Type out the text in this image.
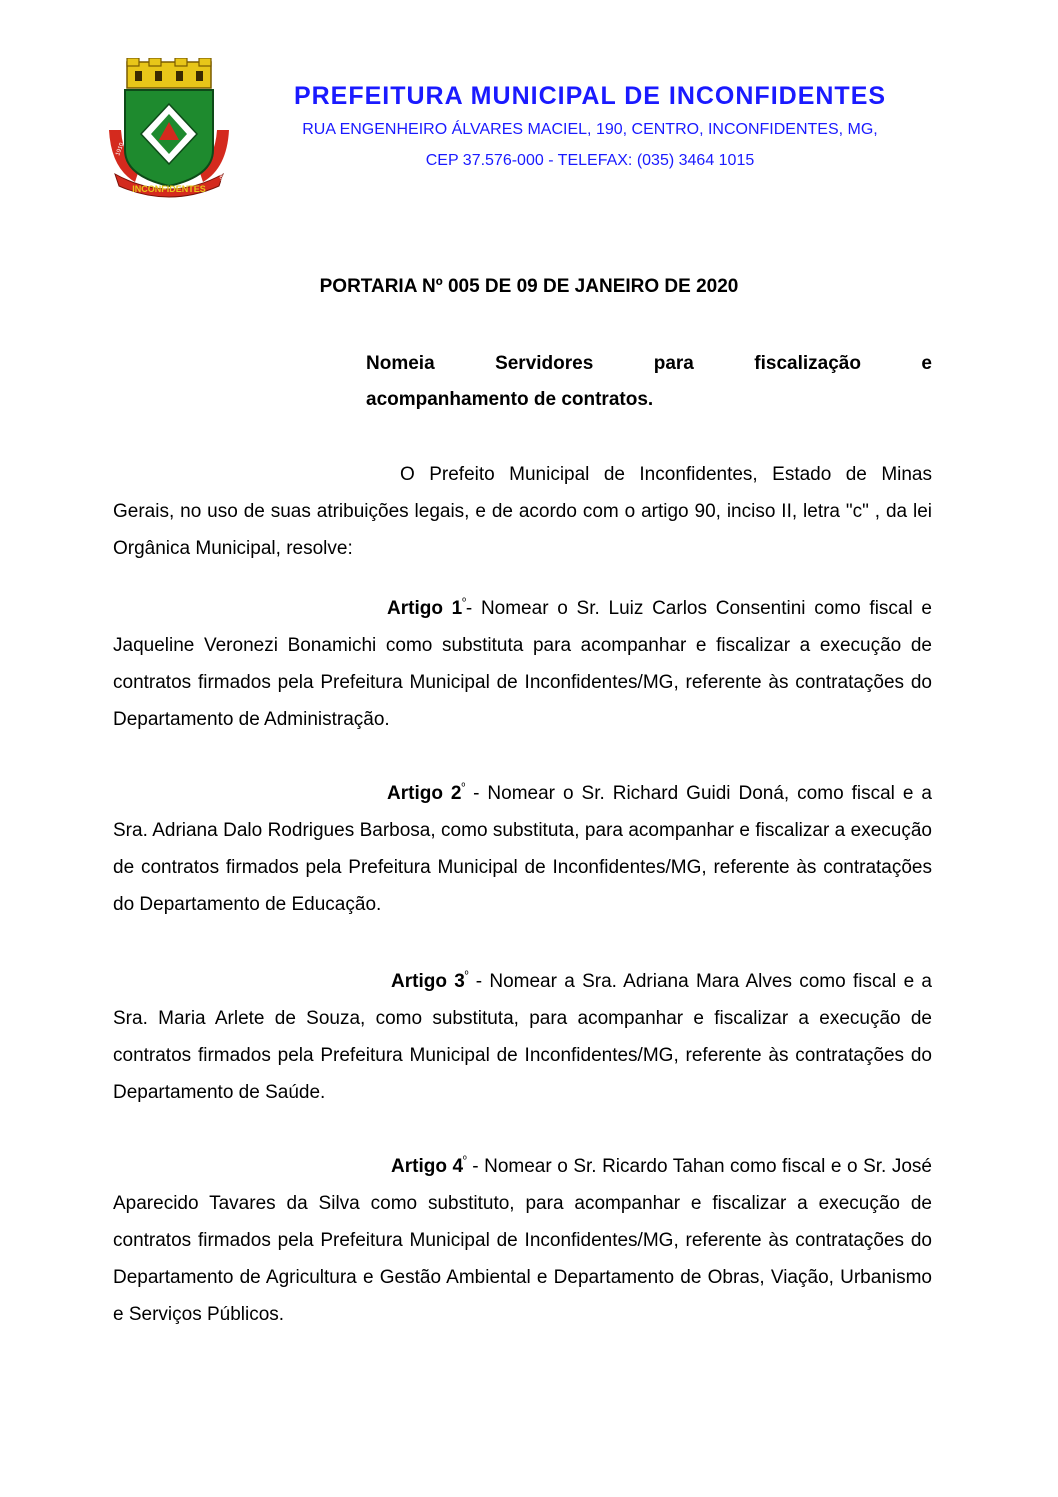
INCONFIDENTES
1910
1963

PREFEITURA MUNICIPAL DE INCONFIDENTES

RUA ENGENHEIRO ÁLVARES MACIEL, 190, CENTRO, INCONFIDENTES, MG,

CEP 37.576-000 - TELEFAX: (035) 3464 1015

PORTARIA Nº 005 DE 09 DE JANEIRO DE 2020
Nomeia	Servidores	para	fiscalização	e
acompanhamento de contratos.
O Prefeito Municipal de Inconfidentes, Estado de Minas Gerais, no uso de suas atribuições legais, e de acordo com o artigo 90, inciso II, letra "c" , da lei Orgânica Municipal, resolve:
Artigo $1^º-$ Nomear o Sr. Luiz Carlos Consentini como fiscal e Jaqueline Veronezi Bonamichi como substituta para acompanhar e fiscalizar a execução de contratos firmados pela Prefeitura Municipal de Inconfidentes/MG, referente às contratações do Departamento de Administração.
Artigo $2^º$ - Nomear o Sr. Richard Guidi Doná, como fiscal e a Sra. Adriana Dalo Rodrigues Barbosa, como substituta, para acompanhar e fiscalizar a execução de contratos firmados pela Prefeitura Municipal de Inconfidentes/MG, referente às contratações do Departamento de Educação.
Artigo $3^º$ - Nomear a Sra. Adriana Mara Alves como fiscal e a Sra. Maria Arlete de Souza, como substituta, para acompanhar e fiscalizar a execução de contratos firmados pela Prefeitura Municipal de Inconfidentes/MG, referente às contratações do Departamento de Saúde.
Artigo $4^º$ - Nomear o Sr. Ricardo Tahan como fiscal e o Sr. José Aparecido Tavares da Silva como substituto, para acompanhar e fiscalizar a execução de contratos firmados pela Prefeitura Municipal de Inconfidentes/MG, referente às contratações do Departamento de Agricultura e Gestão Ambiental e Departamento de Obras, Viação, Urbanismo e Serviços Públicos.
